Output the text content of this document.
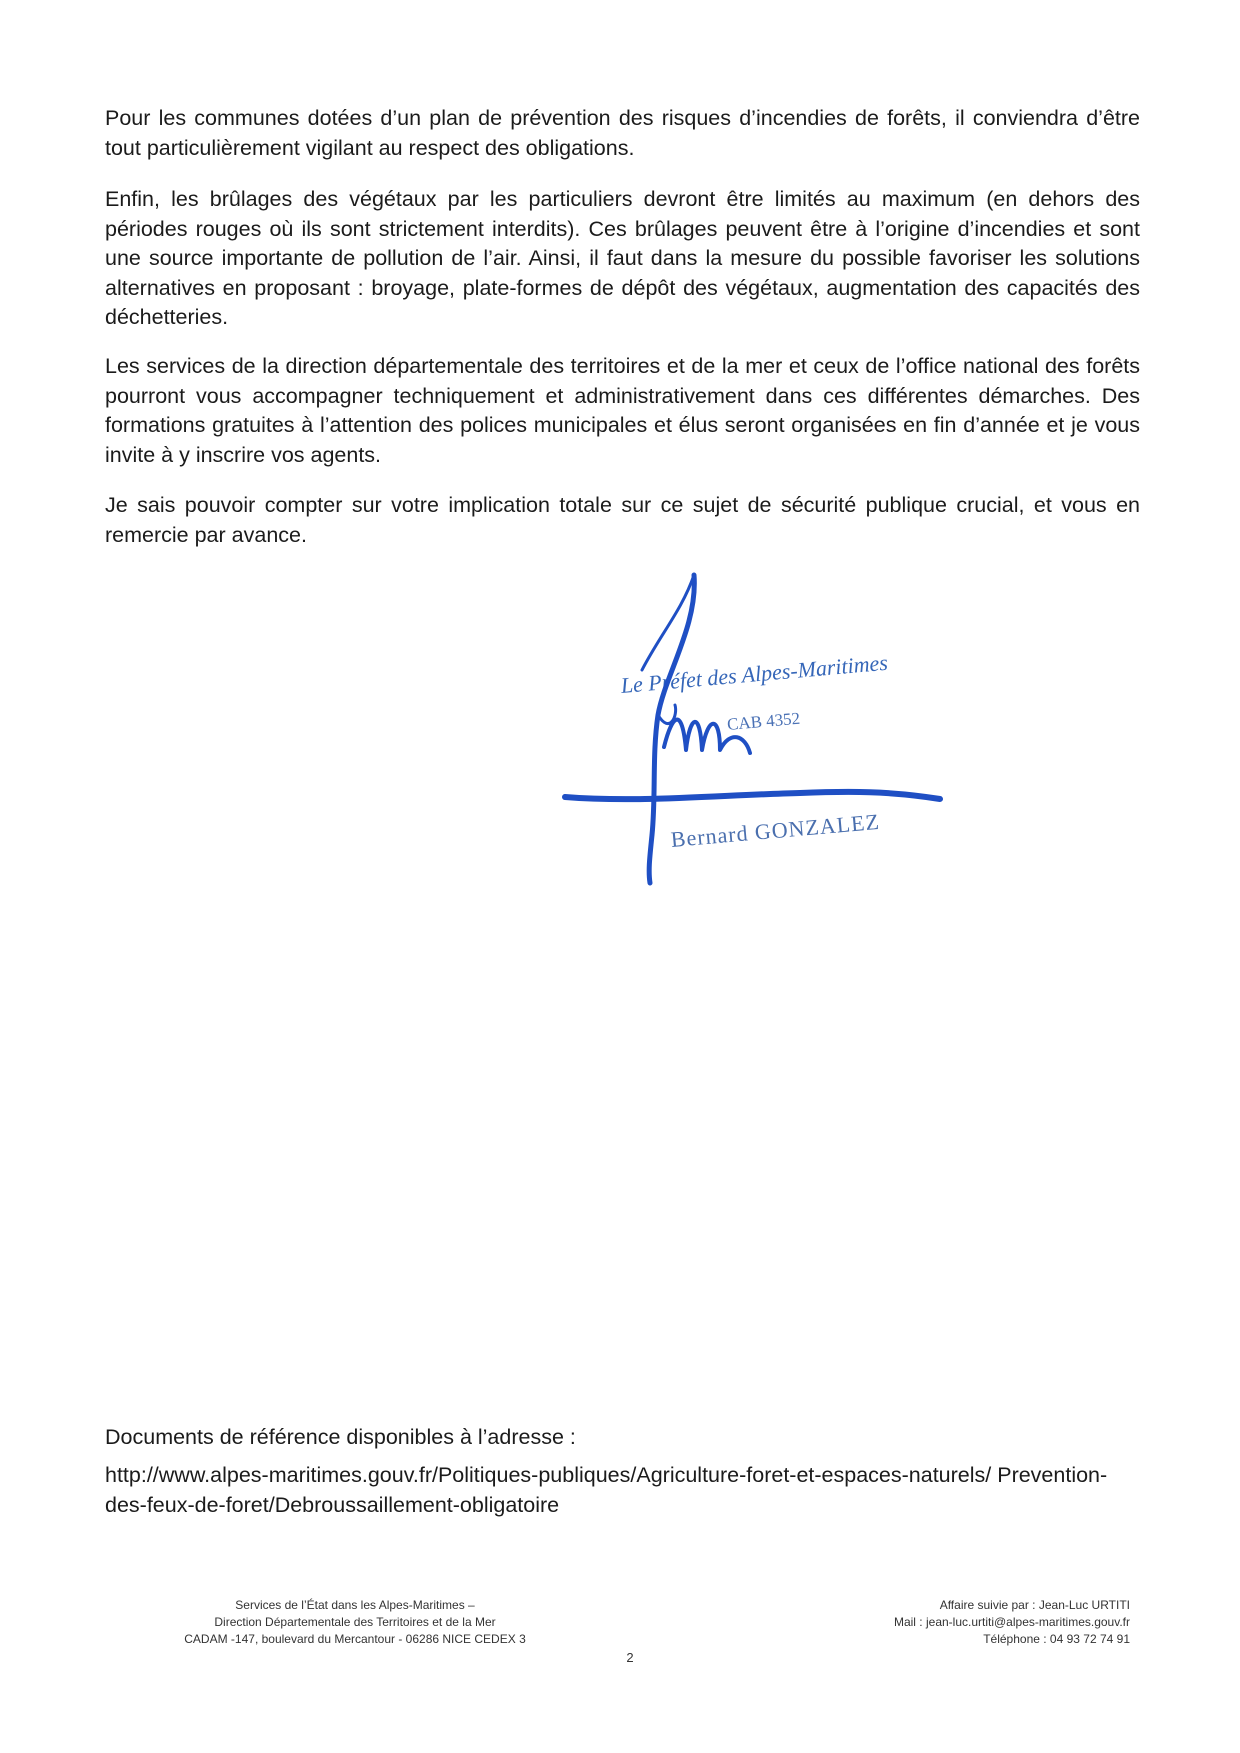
Pour les communes dotées d’un plan de prévention des risques d’incendies de forêts, il conviendra d’être tout particulièrement vigilant au respect des obligations.

Enfin, les brûlages des végétaux par les particuliers devront être limités au maximum (en dehors des périodes rouges où ils sont strictement interdits). Ces brûlages peuvent être à l’origine d’incendies et sont une source importante de pollution de l’air. Ainsi, il faut dans la mesure du possible favoriser les solutions alternatives en proposant : broyage, plate-formes de dépôt des végétaux, augmentation des capacités des déchetteries.

Les services de la direction départementale des territoires et de la mer et ceux de l’office national des forêts pourront vous accompagner techniquement et administrativement dans ces différentes démarches. Des formations gratuites à l’attention des polices municipales et élus seront organisées en fin d’année et je vous invite à y inscrire vos agents.

Je sais pouvoir compter sur votre implication totale sur ce sujet de sécurité publique crucial, et vous en remercie par avance.

Le Préfet des Alpes-Maritimes
CAB 4352
Bernard GONZALEZ
Documents de référence disponibles à l’adresse :
http://www.alpes-maritimes.gouv.fr/Politiques-publiques/Agriculture-foret-et-espaces-naturels/ Prevention-des-feux-de-foret/Debroussaillement-obligatoire
Services de l’État dans les Alpes-Maritimes –
Direction Départementale des Territoires et de la Mer
CADAM -147, boulevard du Mercantour - 06286 NICE CEDEX 3
Affaire suivie par : Jean-Luc URTITI
Mail : jean-luc.urtiti@alpes-maritimes.gouv.fr
Téléphone : 04 93 72 74 91
2
